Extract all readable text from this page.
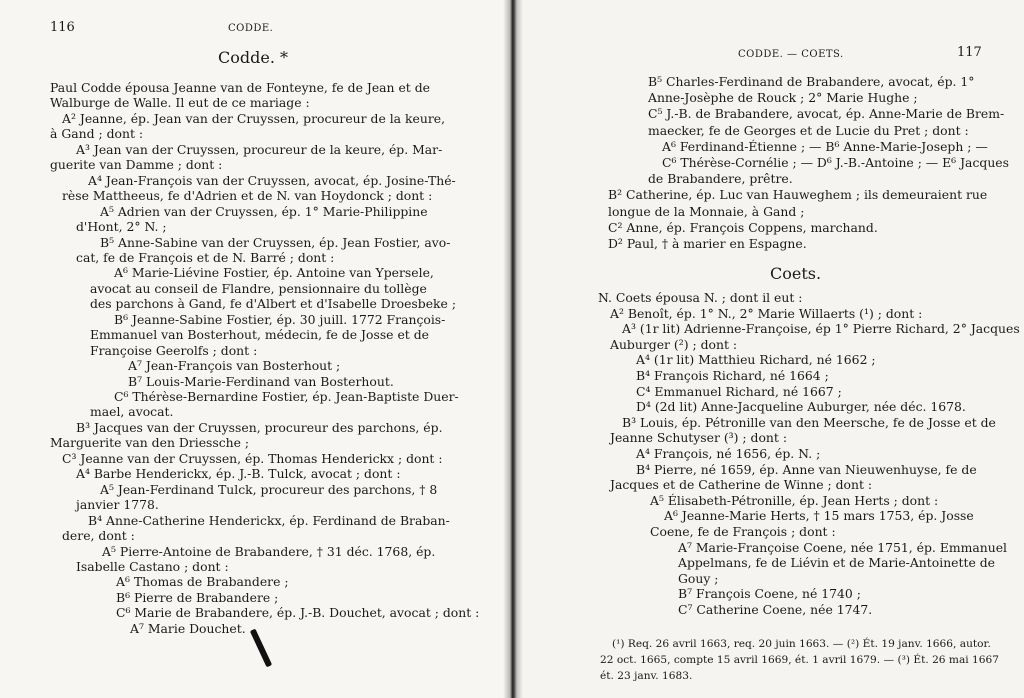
116	CODDE.
Codde. *
Paul Codde épousa Jeanne van de Fonteyne, fe de Jean et de
Walburge de Walle. Il eut de ce mariage :
A² Jeanne, ép. Jean van der Cruyssen, procureur de la keure,
à Gand ; dont :
A³ Jean van der Cruyssen, procureur de la keure, ép. Mar-
guerite van Damme ; dont :
A⁴ Jean-François van der Cruyssen, avocat, ép. Josine-Thé-
rèse Mattheeus, fe d'Adrien et de N. van Hoydonck ; dont :
A⁵ Adrien van der Cruyssen, ép. 1° Marie-Philippine
d'Hont, 2° N. ;
B⁵ Anne-Sabine van der Cruyssen, ép. Jean Fostier, avo-
cat, fe de François et de N. Barré ; dont :
A⁶ Marie-Liévine Fostier, ép. Antoine van Ypersele,
avocat au conseil de Flandre, pensionnaire du tollège
des parchons à Gand, fe d'Albert et d'Isabelle Droesbeke ;
B⁶ Jeanne-Sabine Fostier, ép. 30 juill. 1772 François-
Emmanuel van Bosterhout, médecin, fe de Josse et de
Françoise Geerolfs ; dont :
A⁷ Jean-François van Bosterhout ;
B⁷ Louis-Marie-Ferdinand van Bosterhout.
C⁶ Thérèse-Bernardine Fostier, ép. Jean-Baptiste Duer-
mael, avocat.
B³ Jacques van der Cruyssen, procureur des parchons, ép.
Marguerite van den Driessche ;
C³ Jeanne van der Cruyssen, ép. Thomas Henderickx ; dont :
A⁴ Barbe Henderickx, ép. J.-B. Tulck, avocat ; dont :
A⁵ Jean-Ferdinand Tulck, procureur des parchons, † 8
janvier 1778.
B⁴ Anne-Catherine Henderickx, ép. Ferdinand de Braban-
dere, dont :
A⁵ Pierre-Antoine de Brabandere, † 31 déc. 1768, ép.
Isabelle Castano ; dont :
A⁶ Thomas de Brabandere ;
B⁶ Pierre de Brabandere ;
C⁶ Marie de Brabandere, ép. J.-B. Douchet, avocat ; dont :
A⁷ Marie Douchet.
CODDE. — COETS.	117
B⁵ Charles-Ferdinand de Brabandere, avocat, ép. 1°
Anne-Josèphe de Rouck ; 2° Marie Hughe ;
C⁵ J.-B. de Brabandere, avocat, ép. Anne-Marie de Brem-
maecker, fe de Georges et de Lucie du Pret ; dont :
A⁶ Ferdinand-Étienne ; — B⁶ Anne-Marie-Joseph ; —
C⁶ Thérèse-Cornélie ; — D⁶ J.-B.-Antoine ; — E⁶ Jacques
de Brabandere, prêtre.
B² Catherine, ép. Luc van Hauweghem ; ils demeuraient rue
longue de la Monnaie, à Gand ;
C² Anne, ép. François Coppens, marchand.
D² Paul, † à marier en Espagne.
Coets.
N. Coets épousa N. ; dont il eut :
A² Benoît, ép. 1° N., 2° Marie Willaerts (¹) ; dont :
A³ (1r lit) Adrienne-Françoise, ép 1° Pierre Richard, 2° Jacques
Auburger (²) ; dont :
A⁴ (1r lit) Matthieu Richard, né 1662 ;
B⁴ François Richard, né 1664 ;
C⁴ Emmanuel Richard, né 1667 ;
D⁴ (2d lit) Anne-Jacqueline Auburger, née déc. 1678.
B³ Louis, ép. Pétronille van den Meersche, fe de Josse et de
Jeanne Schutyser (³) ; dont :
A⁴ François, né 1656, ép. N. ;
B⁴ Pierre, né 1659, ép. Anne van Nieuwenhuyse, fe de
Jacques et de Catherine de Winne ; dont :
A⁵ Élisabeth-Pétronille, ép. Jean Herts ; dont :
A⁶ Jeanne-Marie Herts, † 15 mars 1753, ép. Josse
Coene, fe de François ; dont :
A⁷ Marie-Françoise Coene, née 1751, ép. Emmanuel
Appelmans, fe de Liévin et de Marie-Antoinette de
Gouy ;
B⁷ François Coene, né 1740 ;
C⁷ Catherine Coene, née 1747.
(¹) Req. 26 avril 1663, req. 20 juin 1663. — (²) Ét. 19 janv. 1666, autor.
22 oct. 1665, compte 15 avril 1669, ét. 1 avril 1679. — (³) Ét. 26 mai 1667
ét. 23 janv. 1683.
